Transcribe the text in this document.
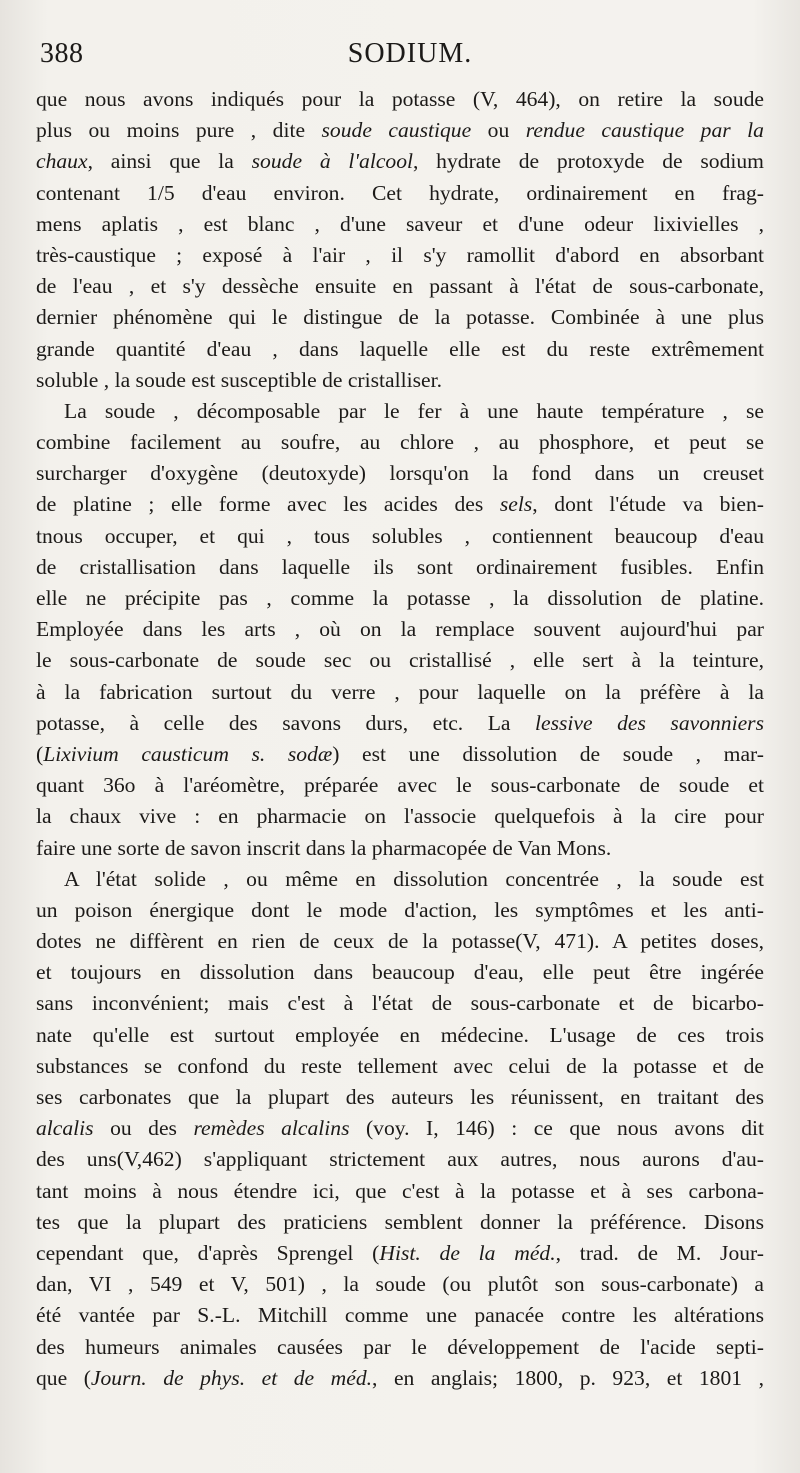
388	SODIUM.
que nous avons indiqués pour la potasse (V, 464), on retire la soude
plus ou moins pure , dite soude caustique ou rendue caustique par la
chaux, ainsi que la soude à l'alcool, hydrate de protoxyde de sodium
contenant 1/5 d'eau environ. Cet hydrate, ordinairement en frag-
mens aplatis , est blanc , d'une saveur et d'une odeur lixivielles ,
très-caustique ; exposé à l'air , il s'y ramollit d'abord en absorbant
de l'eau , et s'y dessèche ensuite en passant à l'état de sous-carbonate,
dernier phénomène qui le distingue de la potasse. Combinée à une plus
grande quantité d'eau , dans laquelle elle est du reste extrêmement
soluble , la soude est susceptible de cristalliser.
La soude , décomposable par le fer à une haute température , se
combine facilement au soufre, au chlore , au phosphore, et peut se
surcharger d'oxygène (deutoxyde) lorsqu'on la fond dans un creuset
de platine ; elle forme avec les acides des sels, dont l'étude va bien-
tnous occuper, et qui , tous solubles , contiennent beaucoup d'eau
de cristallisation dans laquelle ils sont ordinairement fusibles. Enfin
elle ne précipite pas , comme la potasse , la dissolution de platine.
Employée dans les arts , où on la remplace souvent aujourd'hui par
le sous-carbonate de soude sec ou cristallisé , elle sert à la teinture,
à la fabrication surtout du verre , pour laquelle on la préfère à la
potasse, à celle des savons durs, etc. La lessive des savonniers
(Lixivium causticum s. sodæ) est une dissolution de soude , mar-
quant 36o à l'aréomètre, préparée avec le sous-carbonate de soude et
la chaux vive : en pharmacie on l'associe quelquefois à la cire pour
faire une sorte de savon inscrit dans la pharmacopée de Van Mons.
A l'état solide , ou même en dissolution concentrée , la soude est
un poison énergique dont le mode d'action, les symptômes et les anti-
dotes ne diffèrent en rien de ceux de la potasse(V, 471). A petites doses,
et toujours en dissolution dans beaucoup d'eau, elle peut être ingérée
sans inconvénient; mais c'est à l'état de sous-carbonate et de bicarbo-
nate qu'elle est surtout employée en médecine. L'usage de ces trois
substances se confond du reste tellement avec celui de la potasse et de
ses carbonates que la plupart des auteurs les réunissent, en traitant des
alcalis ou des remèdes alcalins (voy. I, 146) : ce que nous avons dit
des uns(V,462) s'appliquant strictement aux autres, nous aurons d'au-
tant moins à nous étendre ici, que c'est à la potasse et à ses carbona-
tes que la plupart des praticiens semblent donner la préférence. Disons
cependant que, d'après Sprengel (Hist. de la méd., trad. de M. Jour-
dan, VI , 549 et V, 501) , la soude (ou plutôt son sous-carbonate) a
été vantée par S.-L. Mitchill comme une panacée contre les altérations
des humeurs animales causées par le développement de l'acide septi-
que (Journ. de phys. et de méd., en anglais; 1800, p. 923, et 1801 ,
